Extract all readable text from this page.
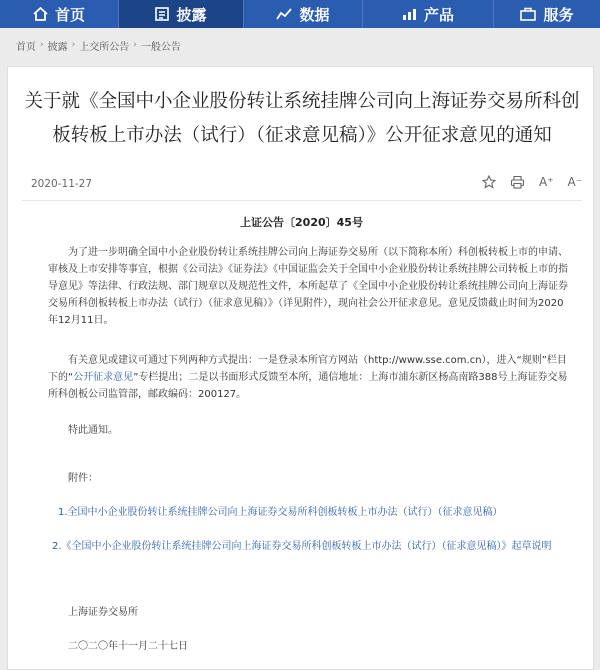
首页	披露	数据	产品	服务
首页 › 披露 › 上交所公告 › 一般公告
关于就《全国中小企业股份转让系统挂牌公司向上海证券交易所科创板转板上市办法（试行）（征求意见稿）》公开征求意见的通知
2020-11-27	A⁺ A⁻
上证公告〔2020〕45号

为了进一步明确全国中小企业股份转让系统挂牌公司向上海证券交易所（以下简称本所）科创板转板上市的申请、审核及上市安排等事宜，根据《公司法》《证券法》《中国证监会关于全国中小企业股份转让系统挂牌公司转板上市的指导意见》等法律、行政法规、部门规章以及规范性文件，本所起草了《全国中小企业股份转让系统挂牌公司向上海证券交易所科创板转板上市办法（试行）（征求意见稿）》（详见附件），现向社会公开征求意见。意见反馈截止时间为2020年12月11日。

有关意见或建议可通过下列两种方式提出：一是登录本所官方网站（http://www.sse.com.cn），进入“规则”栏目下的“公开征求意见”专栏提出；二是以书面形式反馈至本所，通信地址：上海市浦东新区杨高南路388号上海证券交易所科创板公司监管部，邮政编码：200127。

特此通知。

附件：

1.全国中小企业股份转让系统挂牌公司向上海证券交易所科创板转板上市办法（试行）（征求意见稿）
2.《全国中小企业股份转让系统挂牌公司向上海证券交易所科创板转板上市办法（试行）（征求意见稿）》起草说明

上海证券交易所

二〇二〇年十一月二十七日
